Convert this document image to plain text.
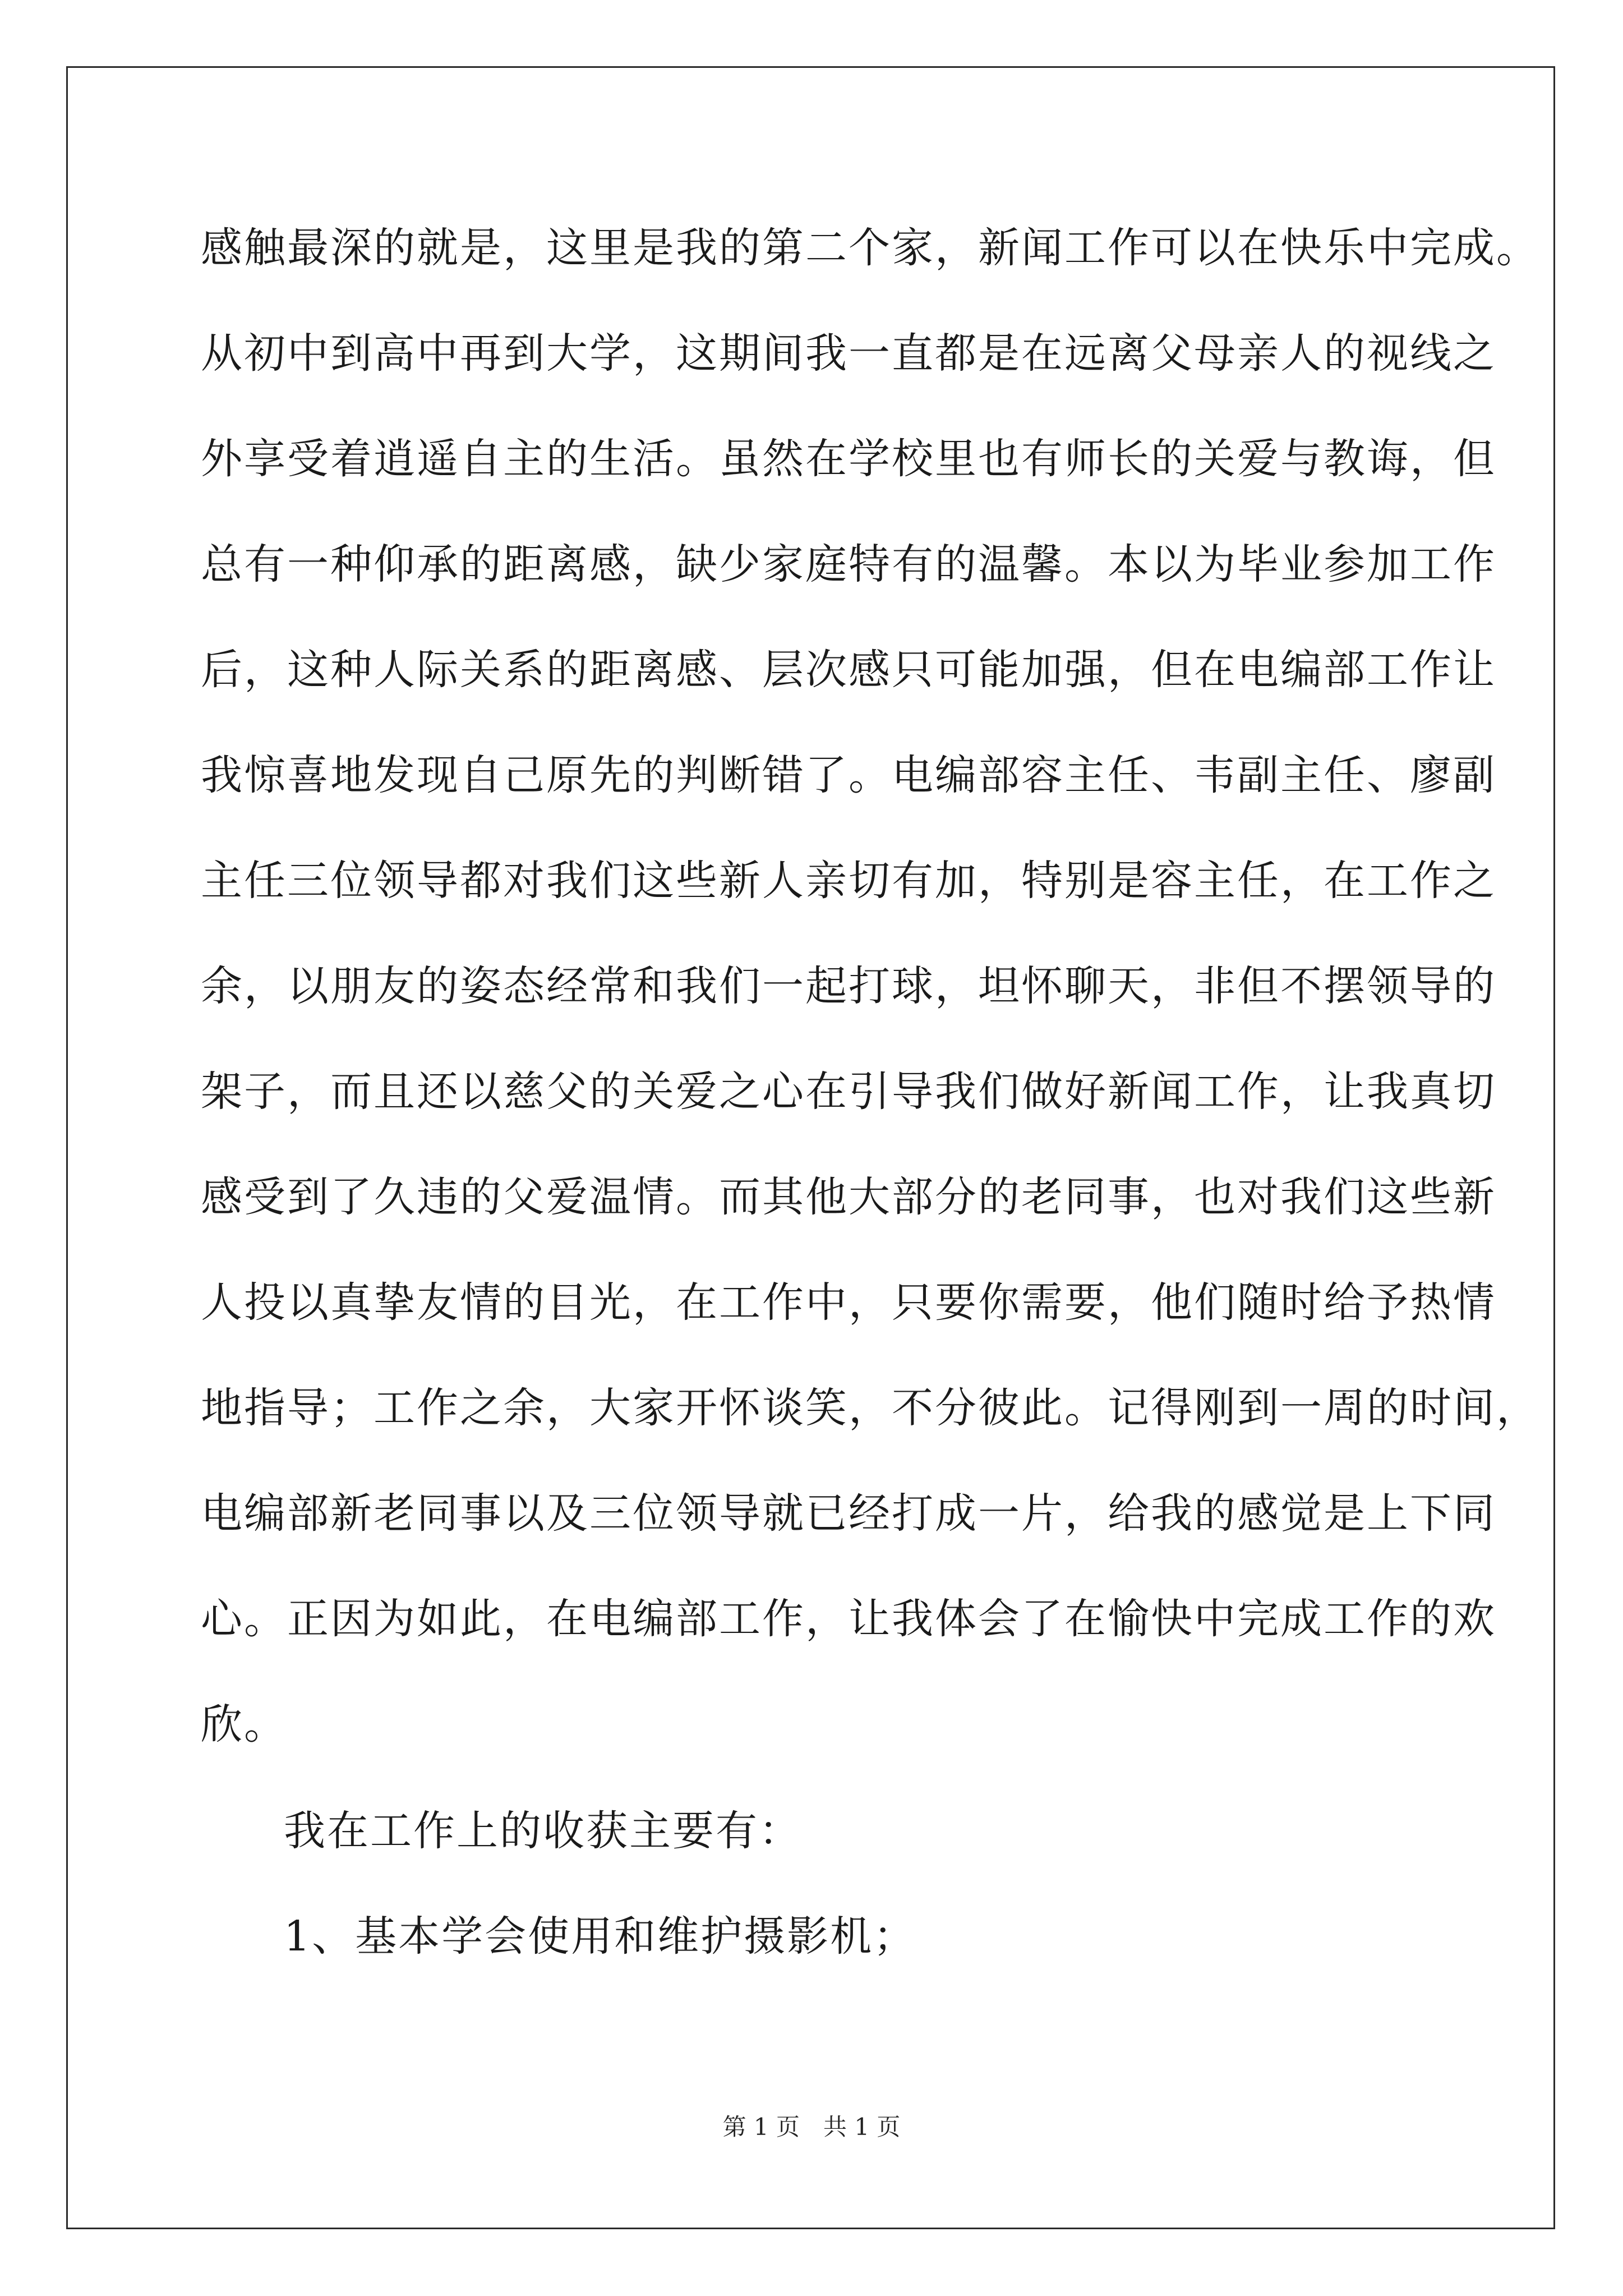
感触最深的就是，这里是我的第二个家，新闻工作可以在快乐中完成。
从初中到高中再到大学，这期间我一直都是在远离父母亲人的视线之
外享受着逍遥自主的生活。虽然在学校里也有师长的关爱与教诲，但
总有一种仰承的距离感，缺少家庭特有的温馨。本以为毕业参加工作
后，这种人际关系的距离感、层次感只可能加强，但在电编部工作让
我惊喜地发现自己原先的判断错了。电编部容主任、韦副主任、廖副
主任三位领导都对我们这些新人亲切有加，特别是容主任，在工作之
余，以朋友的姿态经常和我们一起打球，坦怀聊天，非但不摆领导的
架子，而且还以慈父的关爱之心在引导我们做好新闻工作，让我真切
感受到了久违的父爱温情。而其他大部分的老同事，也对我们这些新
人投以真挚友情的目光，在工作中，只要你需要，他们随时给予热情
地指导；工作之余，大家开怀谈笑，不分彼此。记得刚到一周的时间，
电编部新老同事以及三位领导就已经打成一片，给我的感觉是上下同
心。正因为如此，在电编部工作，让我体会了在愉快中完成工作的欢
欣。
我在工作上的收获主要有：
1、基本学会使用和维护摄影机；
第 1 页　共 1 页
